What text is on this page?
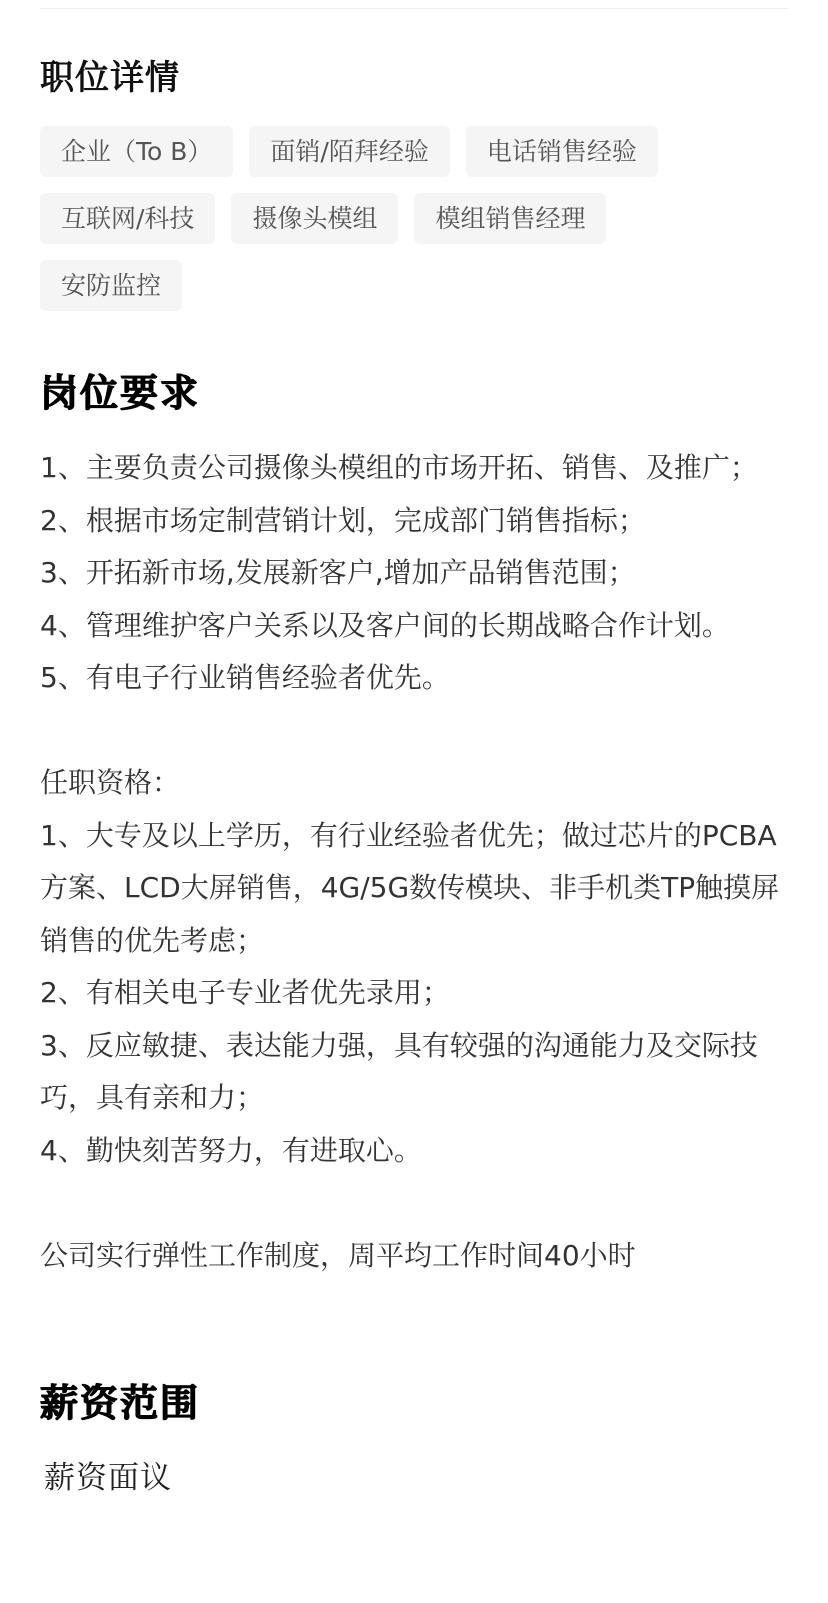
职位详情
企业（To B）	面销/陌拜经验	电话销售经验
互联网/科技	摄像头模组	模组销售经理
安防监控
岗位要求

1、主要负责公司摄像头模组的市场开拓、销售、及推广；
2、根据市场定制营销计划，完成部门销售指标；
3、开拓新市场,发展新客户,增加产品销售范围；
4、管理维护客户关系以及客户间的长期战略合作计划。
5、有电子行业销售经验者优先。

任职资格：
1、大专及以上学历，有行业经验者优先；做过芯片的PCBA方案、LCD大屏销售，4G/5G数传模块、非手机类TP触摸屏销售的优先考虑；
2、有相关电子专业者优先录用；
3、反应敏捷、表达能力强，具有较强的沟通能力及交际技巧，具有亲和力；
4、勤快刻苦努力，有进取心。

公司实行弹性工作制度，周平均工作时间40小时

薪资范围

薪资面议
